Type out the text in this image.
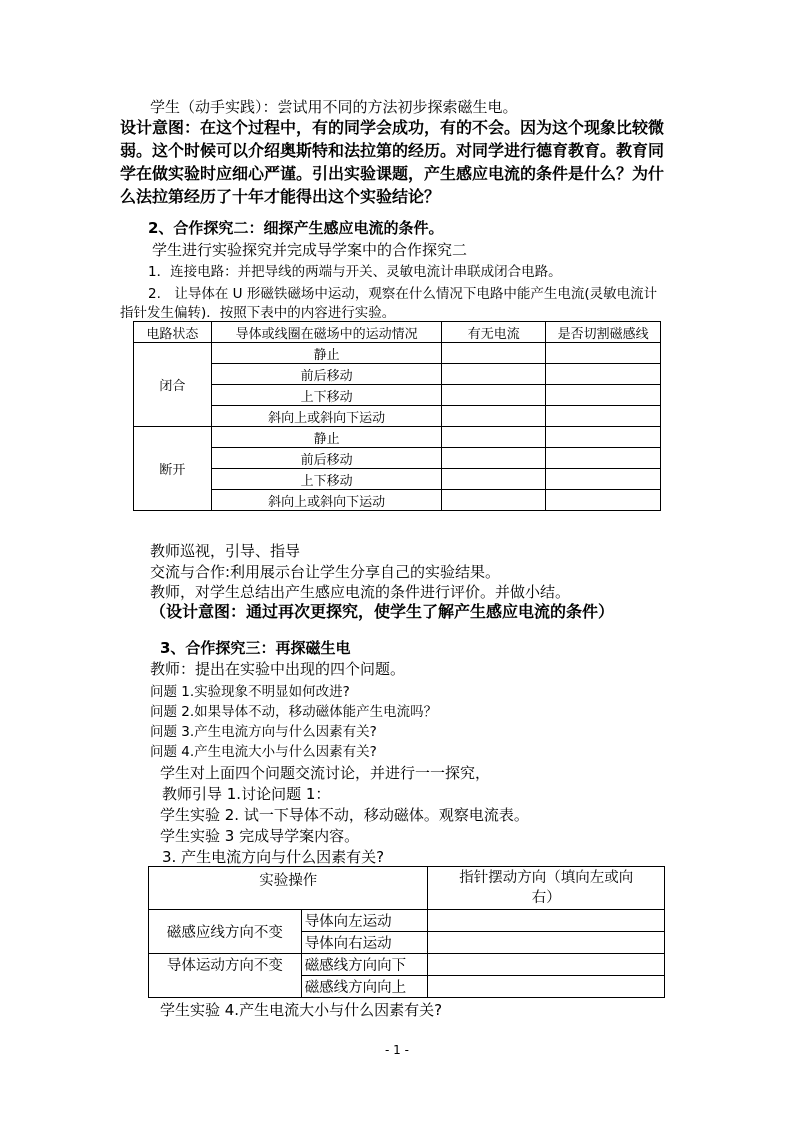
学生（动手实践）：尝试用不同的方法初步探索磁生电。
设计意图：在这个过程中，有的同学会成功，有的不会。因为这个现象比较微
弱。这个时候可以介绍奥斯特和法拉第的经历。对同学进行德育教育。教育同
学在做实验时应细心严谨。引出实验课题，产生感应电流的条件是什么？为什
么法拉第经历了十年才能得出这个实验结论？
2、合作探究二：细探产生感应电流的条件。
学生进行实验探究并完成导学案中的合作探究二
1．连接电路：并把导线的两端与开关、灵敏电流计串联成闭合电路。
2.　让导体在 U 形磁铁磁场中运动，观察在什么情况下电路中能产生电流(灵敏电流计
指针发生偏转)．按照下表中的内容进行实验。
电路状态	导体或线圈在磁场中的运动情况	有无电流	是否切割磁感线
闭合	静止		
	前后移动		
	上下移动		
	斜向上或斜向下运动		
断开	静止		
	前后移动		
	上下移动		
	斜向上或斜向下运动		
教师巡视，引导、指导
交流与合作:利用展示台让学生分享自己的实验结果。
教师，对学生总结出产生感应电流的条件进行评价。并做小结。
（设计意图：通过再次更探究，使学生了解产生感应电流的条件）
3、合作探究三：再探磁生电
教师：提出在实验中出现的四个问题。
问题 1.实验现象不明显如何改进?
问题 2.如果导体不动，移动磁体能产生电流吗？
问题 3.产生电流方向与什么因素有关?
问题 4.产生电流大小与什么因素有关?
学生对上面四个问题交流讨论，并进行一一探究，
教师引导 1.讨论问题 1：
学生实验 2. 试一下导体不动，移动磁体。观察电流表。
学生实验 3 完成导学案内容。
3. 产生电流方向与什么因素有关?
实验操作		指针摆动方向（填向左或向
右）

磁感应线方向不变	导体向左运动	
	导体向右运动	
导体运动方向不变	磁感线方向向下	
	磁感线方向向上	
学生实验 4.产生电流大小与什么因素有关?
- 1 -
